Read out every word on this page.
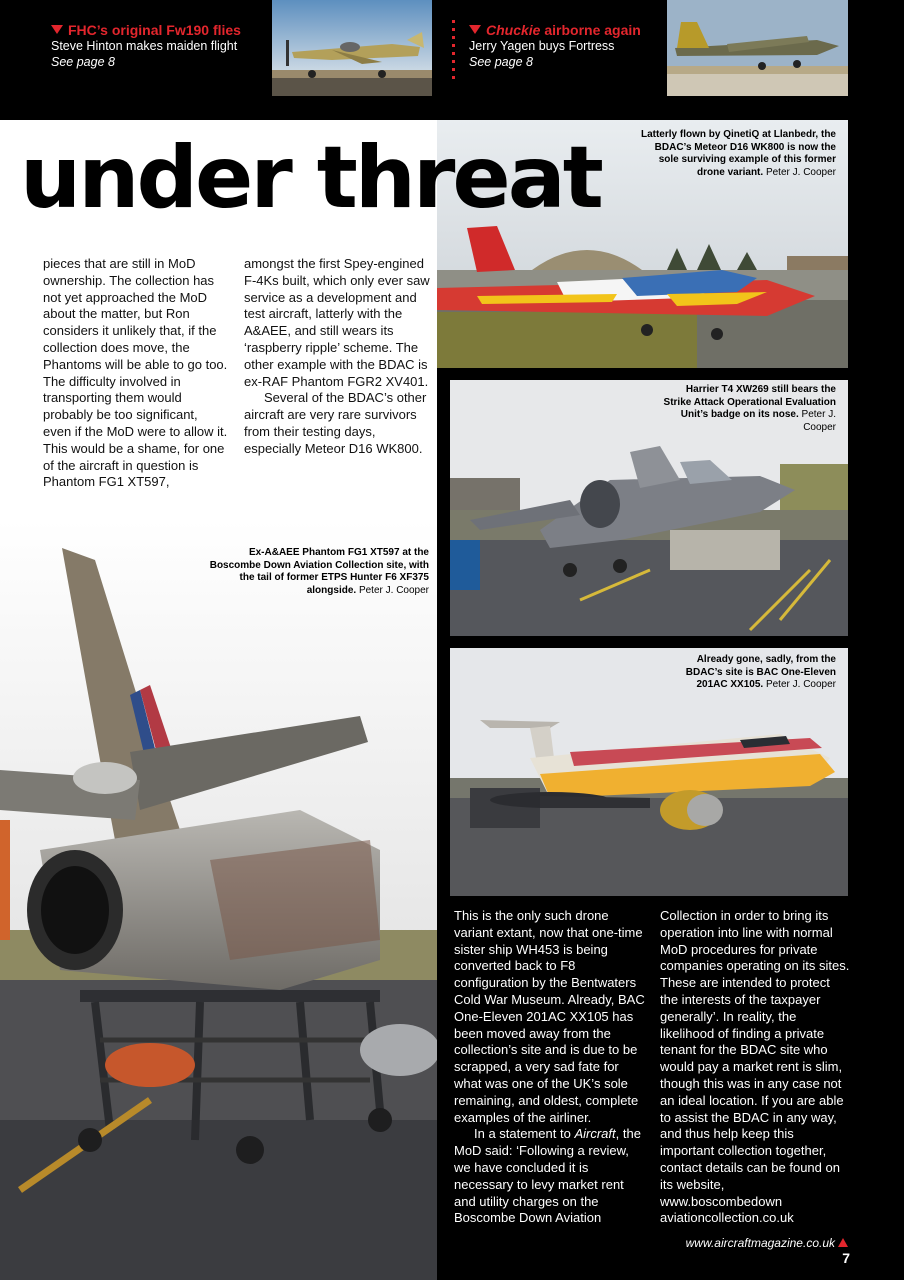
FHC’s original Fw190 flies
Steve Hinton makes maiden flight
See page 8
Chuckie airborne again
Jerry Yagen buys Fortress
See page 8
under threat	Latterly flown by QinetiQ at Llanbedr, the BDAC’s Meteor D16 WK800 is now the sole surviving example of this former drone variant. Peter J. Cooper

pieces that are still in MoD ownership. The collection has not yet approached the MoD about the matter, but Ron considers it unlikely that, if the collection does move, the Phantoms will be able to go too. The difficulty involved in transporting them would probably be too significant, even if the MoD were to allow it. This would be a shame, for one of the aircraft in question is Phantom FG1 XT597,

amongst the first Spey-engined F-4Ks built, which only ever saw service as a development and test aircraft, latterly with the A&AEE, and still wears its ‘raspberry ripple’ scheme. The other example with the BDAC is ex-RAF Phantom FGR2 XV401.

Several of the BDAC’s other aircraft are very rare survivors from their testing days, especially Meteor D16 WK800.

Ex-A&AEE Phantom FG1 XT597 at the Boscombe Down Aviation Collection site, with the tail of former ETPS Hunter F6 XF375 alongside. Peter J. Cooper
Harrier T4 XW269 still bears the Strike Attack Operational Evaluation Unit’s badge on its nose. Peter J. Cooper
Already gone, sadly, from the BDAC’s site is BAC One-Eleven 201AC XX105. Peter J. Cooper

This is the only such drone variant extant, now that one-time sister ship WH453 is being converted back to F8 configuration by the Bentwaters Cold War Museum. Already, BAC One-Eleven 201AC XX105 has been moved away from the collection’s site and is due to be scrapped, a very sad fate for what was one of the UK’s sole remaining, and oldest, complete examples of the airliner.

In a statement to Aircraft, the MoD said: ‘Following a review, we have concluded it is necessary to levy market rent and utility charges on the Boscombe Down Aviation

Collection in order to bring its operation into line with normal MoD procedures for private companies operating on its sites. These are intended to protect the interests of the taxpayer generally’. In reality, the likelihood of finding a private tenant for the BDAC site who would pay a market rent is slim, though this was in any case not an ideal location. If you are able to assist the BDAC in any way, and thus help keep this important collection together, contact details can be found on its website, www.boscombedown aviationcollection.co.uk

www.aircraftmagazine.co.uk7
